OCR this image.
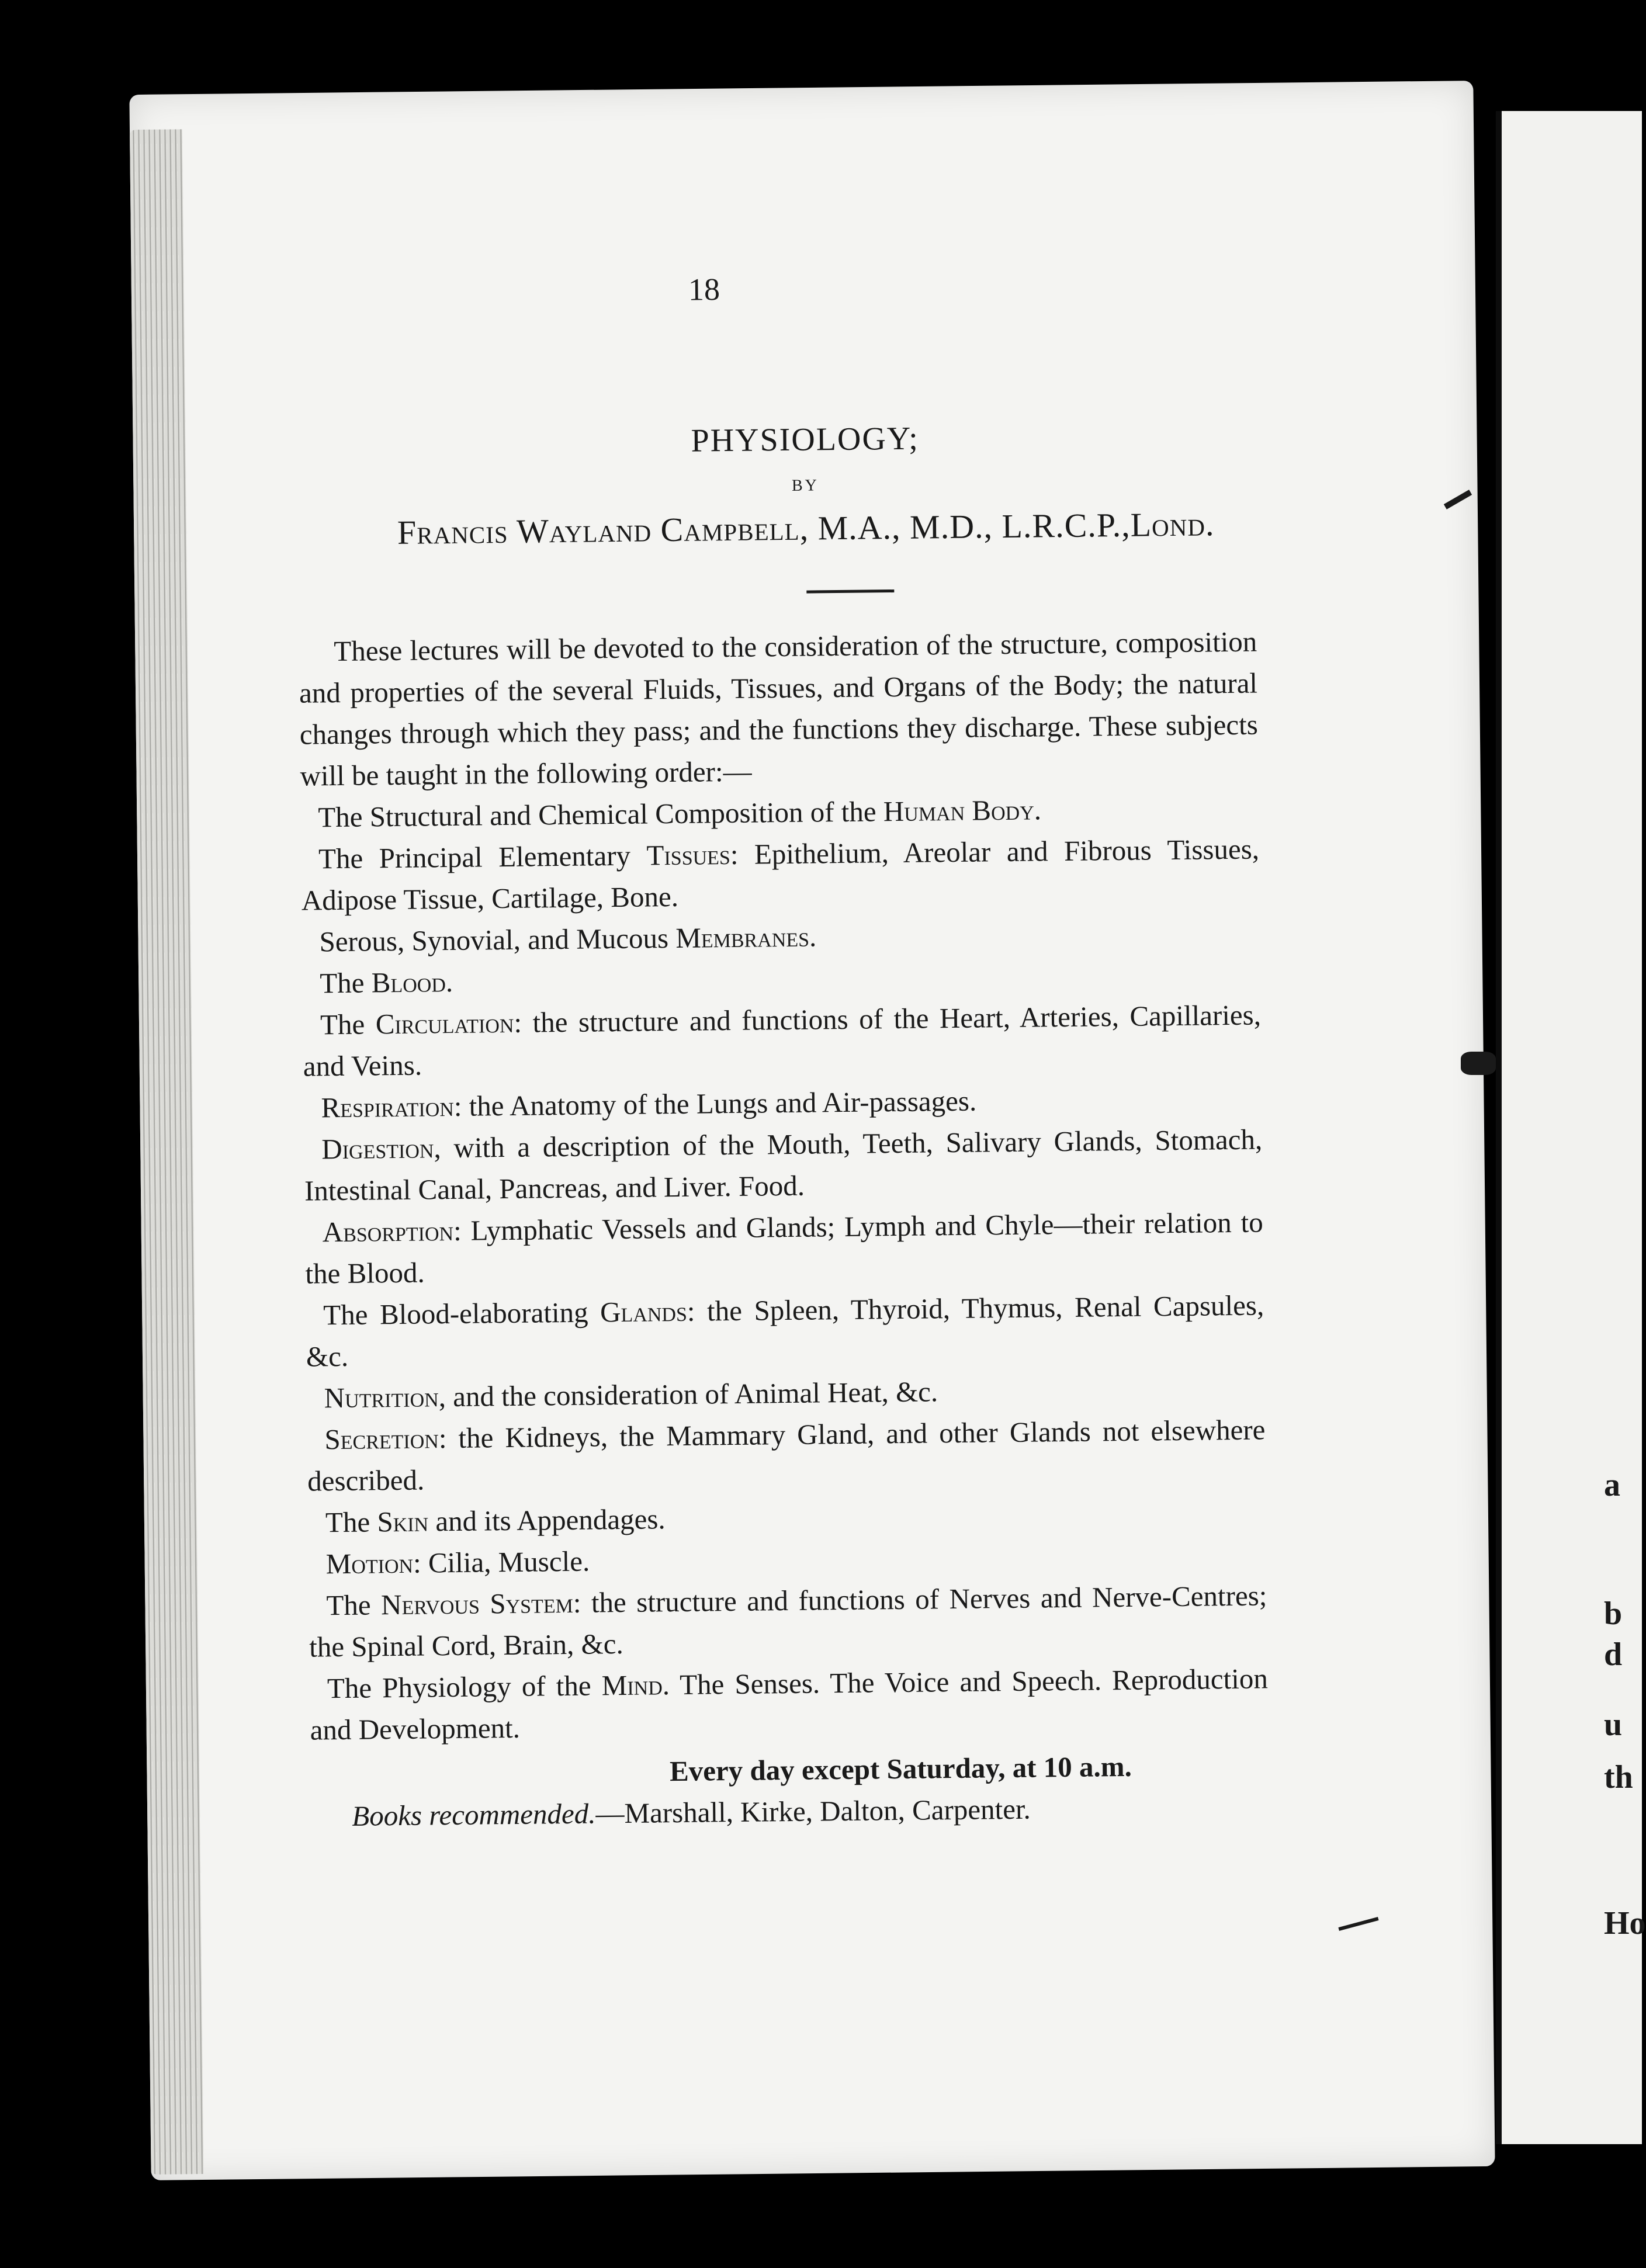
a
b
d
u
th
Ho
18
PHYSIOLOGY;
BY
Francis Wayland Campbell, M.A., M.D., L.R.C.P.,Lond.

These lectures will be devoted to the consideration of the structure, composition and properties of the several Fluids, Tissues, and Organs of the Body; the natural changes through which they pass; and the functions they discharge. These subjects will be taught in the following order:—

The Structural and Chemical Composition of the Human Body.

The Principal Elementary Tissues: Epithelium, Areolar and Fibrous Tissues, Adipose Tissue, Cartilage, Bone.

Serous, Synovial, and Mucous Membranes.

The Blood.

The Circulation: the structure and functions of the Heart, Arteries, Capillaries, and Veins.

Respiration: the Anatomy of the Lungs and Air-passages.

Digestion, with a description of the Mouth, Teeth, Salivary Glands, Stomach, Intestinal Canal, Pancreas, and Liver. Food.

Absorption: Lymphatic Vessels and Glands; Lymph and Chyle—their relation to the Blood.

The Blood-elaborating Glands: the Spleen, Thyroid, Thymus, Renal Capsules, &c.

Nutrition, and the consideration of Animal Heat, &c.

Secretion: the Kidneys, the Mammary Gland, and other Glands not elsewhere described.

The Skin and its Appendages.

Motion: Cilia, Muscle.

The Nervous System: the structure and functions of Nerves and Nerve-Centres; the Spinal Cord, Brain, &c.

The Physiology of the Mind. The Senses. The Voice and Speech. Reproduction and Development.

Every day except Saturday, at 10 a.m.

Books recommended.—Marshall, Kirke, Dalton, Carpenter.
